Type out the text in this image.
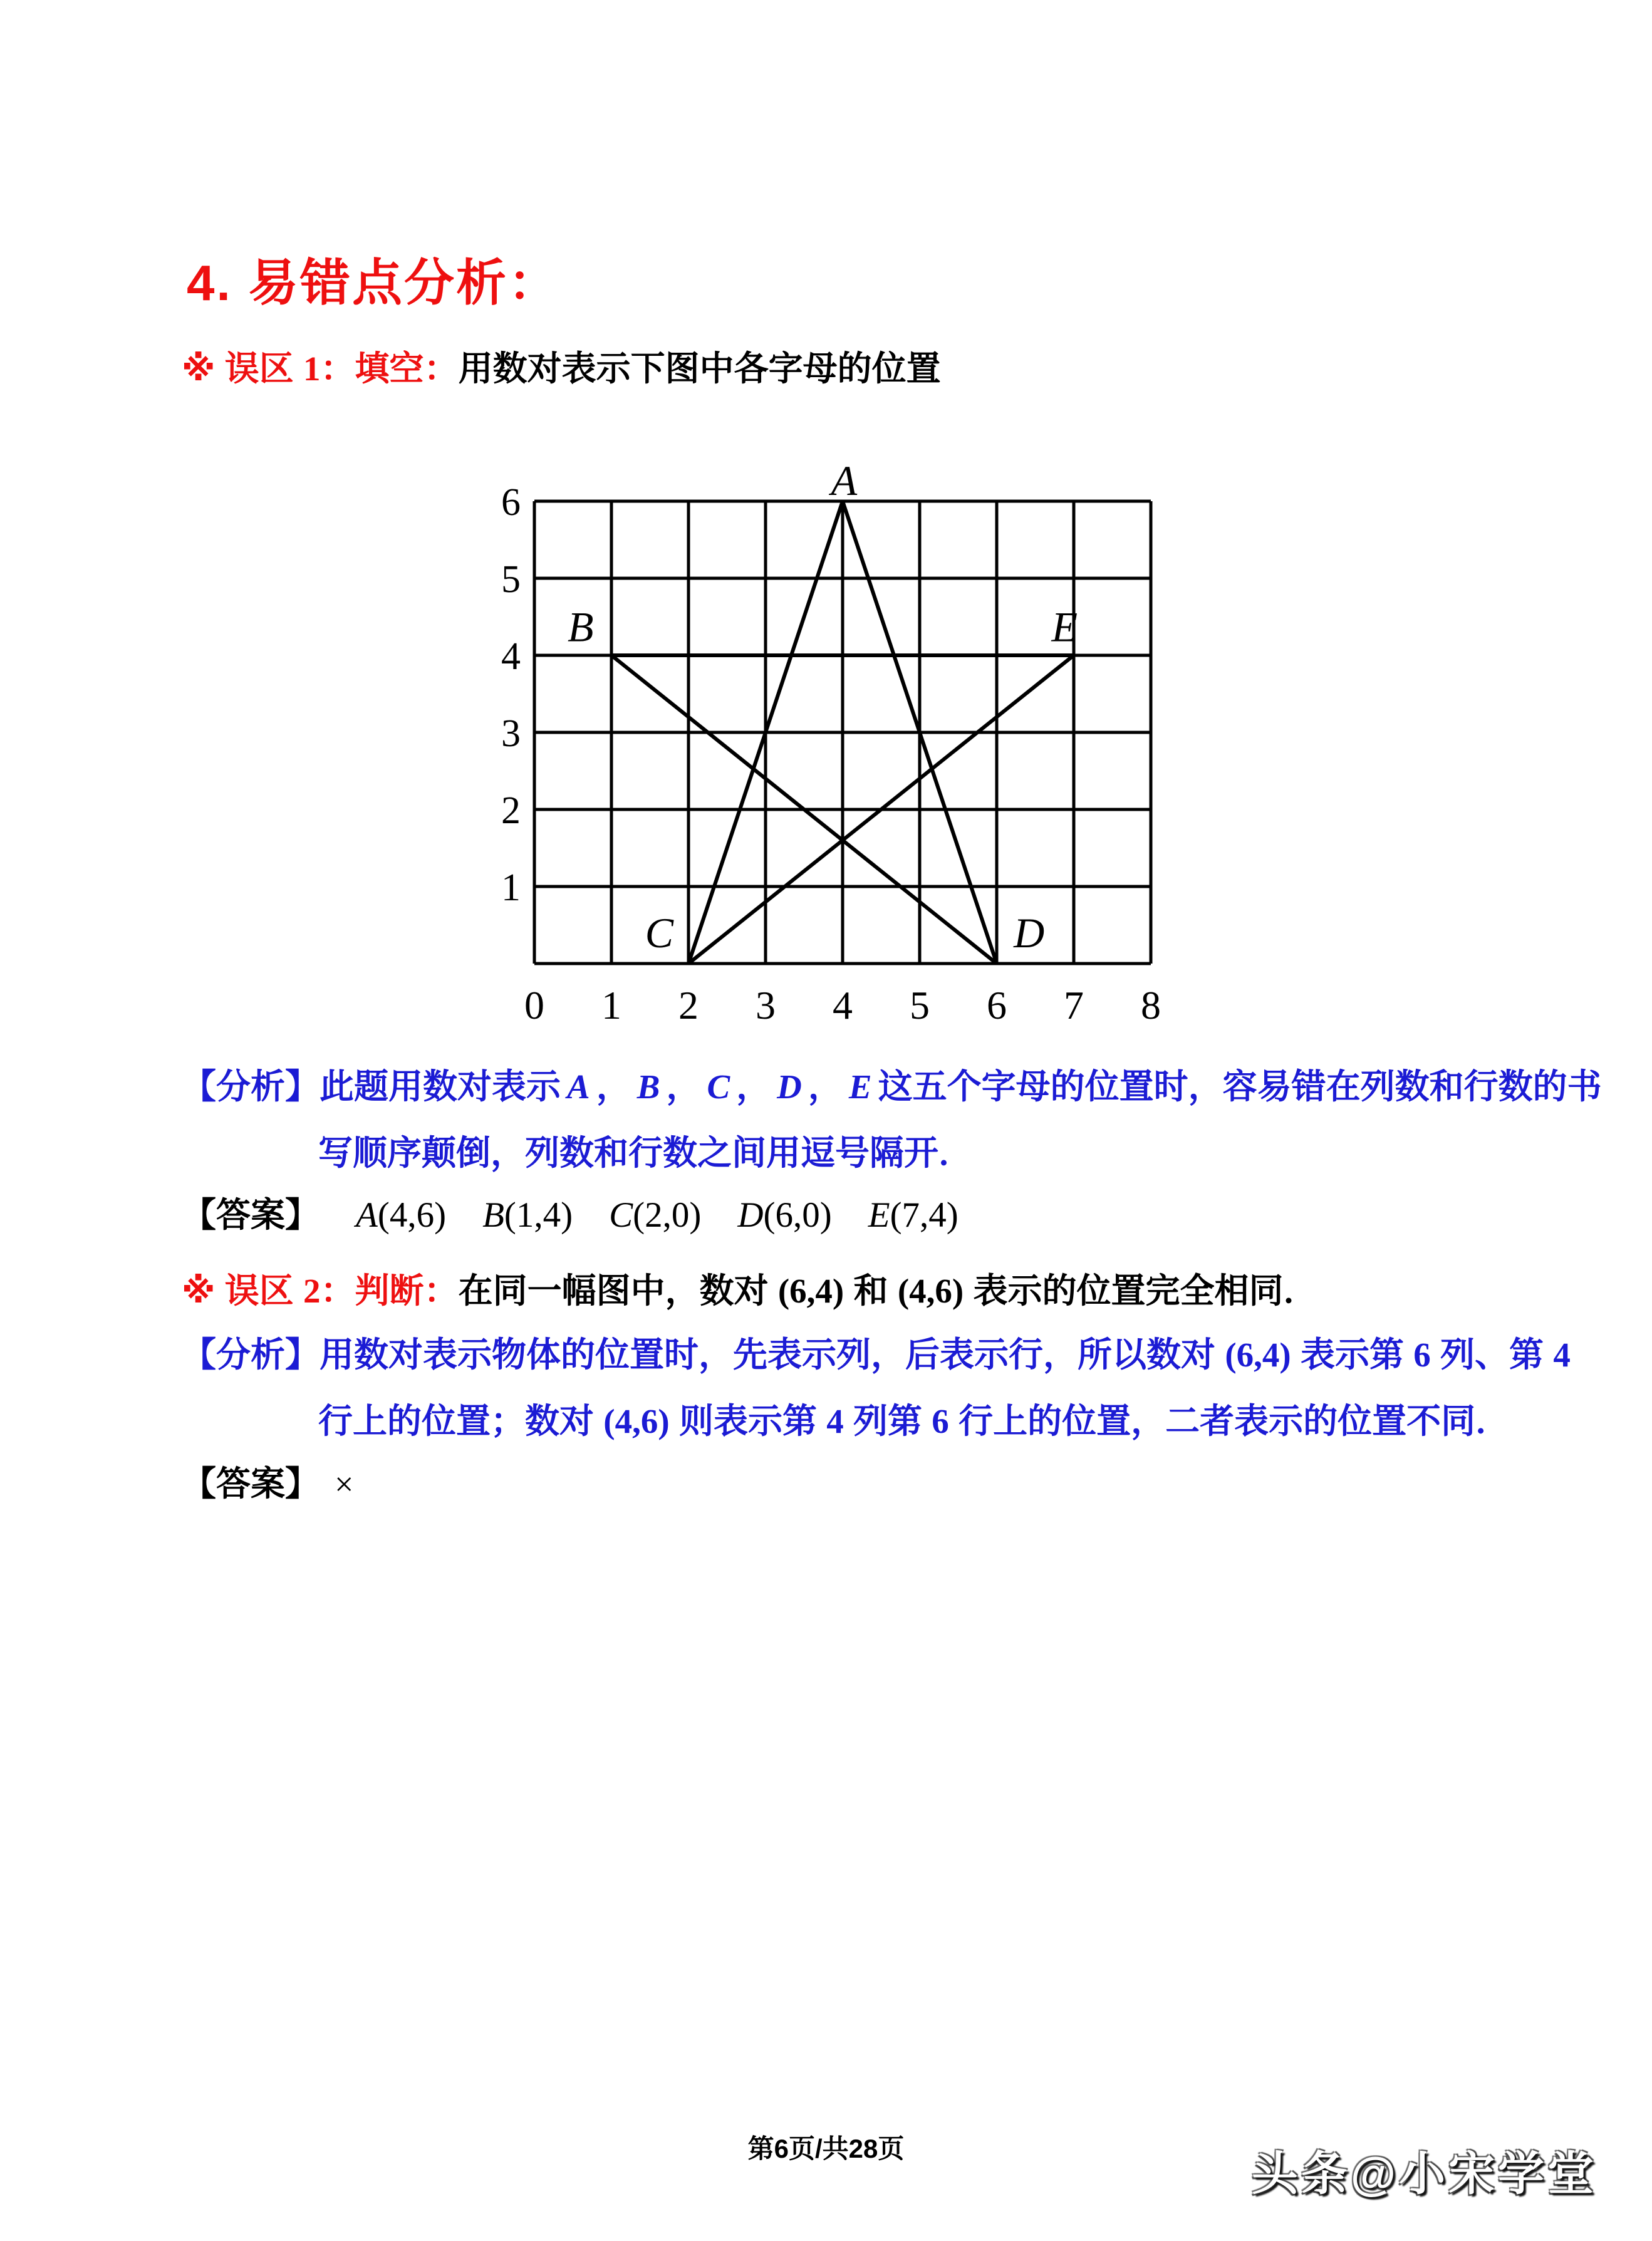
4. 易错点分析：
※ 误区 1：填空：用数对表示下图中各字母的位置
A
B
C	D
E
0 1 2 3 4 5 6 7 8
1
2
3
4
5
6
【分析】此题用数对表示 A ， B ， C ， D ， E 这五个字母的位置时，容易错在列数和行数的书
写顺序颠倒，列数和行数之间用逗号隔开．
【答案】 A(4,6) B(1,4) C(2,0) D(6,0) E(7,4)
※ 误区 2：判断：在同一幅图中，数对 (6,4) 和 (4,6) 表示的位置完全相同．
【分析】用数对表示物体的位置时，先表示列，后表示行，所以数对 (6,4) 表示第 6 列、第 4
行上的位置；数对 (4,6) 则表示第 4 列第 6 行上的位置，二者表示的位置不同．
【答案】 ×
第6页/共28页	头条@小宋学堂
